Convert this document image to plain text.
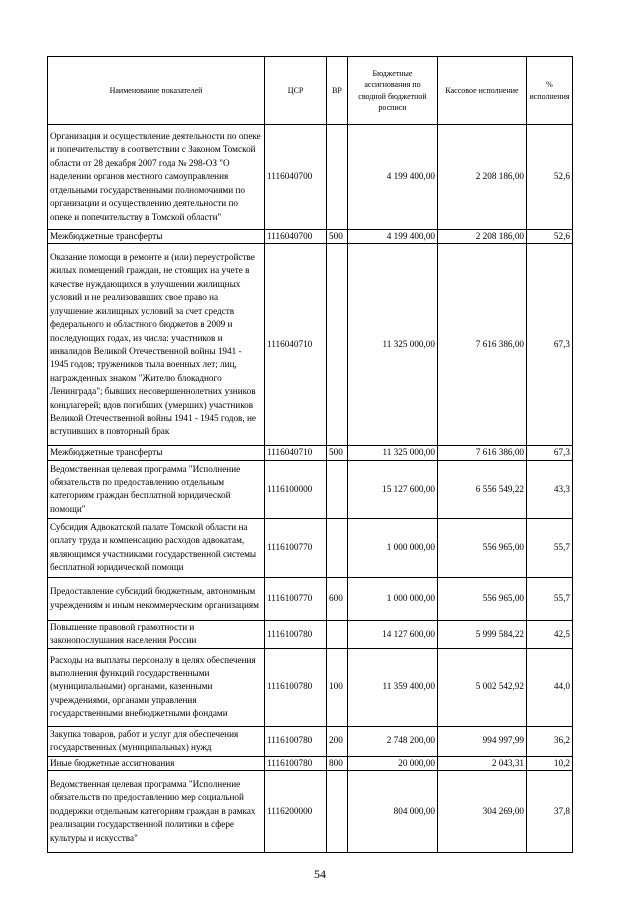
Наименование показателей	ЦСР	ВР	Бюджетные ассигнования по сводной бюджетной росписи	Кассовое исполнение	% исполнения
Организация и осуществление деятельности по опеке и попечительству в соответствии с Законом Томской области от 28 декабря 2007 года № 298-ОЗ "О наделении органов местного самоуправления отдельными государственными полномочиями по организации и осуществлению деятельности по опеке и попечительству в Томской области"	1116040700		4 199 400,00	2 208 186,00	52,6
Межбюджетные трансферты	1116040700	500	4 199 400,00	2 208 186,00	52,6
Оказание помощи в ремонте и (или) переустройстве жилых помещений граждан, не стоящих на учете в качестве нуждающихся в улучшении жилищных условий и не реализовавших свое право на улучшение жилищных условий за счет средств федерального и областного бюджетов в 2009 и последующих годах, из числа: участников и инвалидов Великой Отечественной войны 1941 - 1945 годов; тружеников тыла военных лет; лиц, награжденных знаком "Жителю блокадного Ленинграда"; бывших несовершеннолетних узников концлагерей; вдов погибших (умерших) участников Великой Отечественной войны 1941 - 1945 годов, не вступивших в повторный брак	1116040710		11 325 000,00	7 616 386,00	67,3
Межбюджетные трансферты	1116040710	500	11 325 000,00	7 616 386,00	67,3
Ведомственная целевая программа "Исполнение обязательств по предоставлению отдельным категориям граждан бесплатной юридической помощи"	1116100000		15 127 600,00	6 556 549,22	43,3
Субсидия Адвокатской палате Томской области на оплату труда и компенсацию расходов адвокатам, являющимся участниками государственной системы бесплатной юридической помощи	1116100770		1 000 000,00	556 965,00	55,7
Предоставление субсидий бюджетным, автономным учреждениям и иным некоммерческим организациям	1116100770	600	1 000 000,00	556 965,00	55,7
Повышение правовой грамотности и законопослушания населения России	1116100780		14 127 600,00	5 999 584,22	42,5
Расходы на выплаты персоналу в целях обеспечения выполнения функций государственными (муниципальными) органами, казенными учреждениями, органами управления государственными внебюджетными фондами	1116100780	100	11 359 400,00	5 002 542,92	44,0
Закупка товаров, работ и услуг для обеспечения государственных (муниципальных) нужд	1116100780	200	2 748 200,00	994 997,99	36,2
Иные бюджетные ассигнования	1116100780	800	20 000,00	2 043,31	10,2
Ведомственная целевая программа "Исполнение обязательств по предоставлению мер социальной поддержки отдельным категориям граждан в рамках реализации государственной политики в сфере культуры и искусства"	1116200000		804 000,00	304 269,00	37,8
54
